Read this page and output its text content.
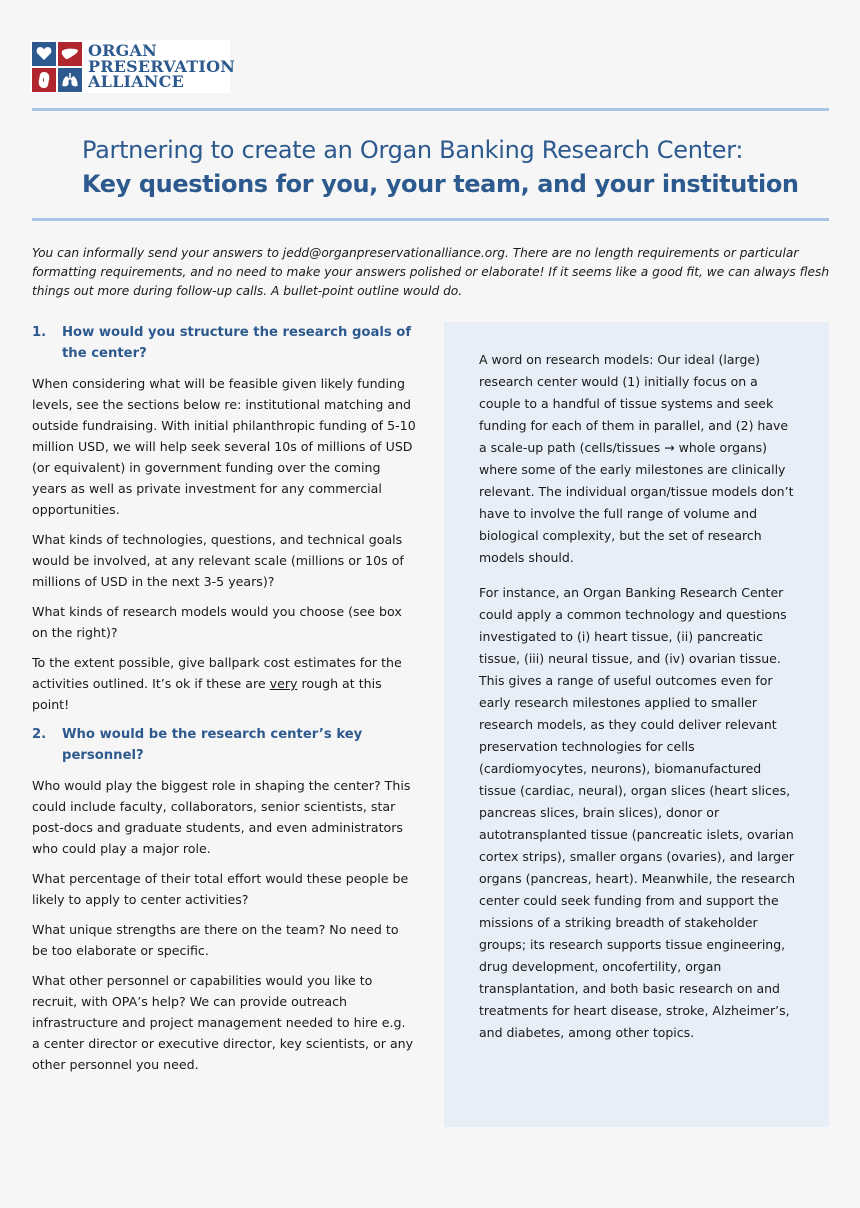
ORGAN
PRESERVATION
ALLIANCE
Partnering to create an Organ Banking Research Center:
Key questions for you, your team, and your institution
You can informally send your answers to jedd@organpreservationalliance.org. There are no length requirements or particular formatting requirements, and no need to make your answers polished or elaborate! If it seems like a good fit, we can always flesh things out more during follow-up calls. A bullet-point outline would do.
1.	How would you structure the research goals of the center?

When considering what will be feasible given likely funding levels, see the sections below re: institutional matching and outside fundraising. With initial philanthropic funding of 5-10 million USD, we will help seek several 10s of millions of USD (or equivalent) in government funding over the coming years as well as private investment for any commercial opportunities.

What kinds of technologies, questions, and technical goals would be involved, at any relevant scale (millions or 10s of millions of USD in the next 3-5 years)?

What kinds of research models would you choose (see box on the right)?

To the extent possible, give ballpark cost estimates for the activities outlined. It’s ok if these are very rough at this point!

2.	Who would be the research center’s key personnel?

Who would play the biggest role in shaping the center? This could include faculty, collaborators, senior scientists, star post-docs and graduate students, and even administrators who could play a major role.

What percentage of their total effort would these people be likely to apply to center activities?

What unique strengths are there on the team? No need to be too elaborate or specific.

What other personnel or capabilities would you like to recruit, with OPA’s help? We can provide outreach infrastructure and project management needed to hire e.g. a center director or executive director, key scientists, or any other personnel you need.

A word on research models: Our ideal (large) research center would (1) initially focus on a couple to a handful of tissue systems and seek funding for each of them in parallel, and (2) have a scale-up path (cells/tissues → whole organs) where some of the early milestones are clinically relevant. The individual organ/tissue models don’t have to involve the full range of volume and biological complexity, but the set of research models should.

For instance, an Organ Banking Research Center could apply a common technology and questions investigated to (i) heart tissue, (ii) pancreatic tissue, (iii) neural tissue, and (iv) ovarian tissue. This gives a range of useful outcomes even for early research milestones applied to smaller research models, as they could deliver relevant preservation technologies for cells (cardiomyocytes, neurons), biomanufactured tissue (cardiac, neural), organ slices (heart slices, pancreas slices, brain slices), donor or autotransplanted tissue (pancreatic islets, ovarian cortex strips), smaller organs (ovaries), and larger organs (pancreas, heart). Meanwhile, the research center could seek funding from and support the missions of a striking breadth of stakeholder groups; its research supports tissue engineering, drug development, oncofertility, organ transplantation, and both basic research on and treatments for heart disease, stroke, Alzheimer’s, and diabetes, among other topics.
